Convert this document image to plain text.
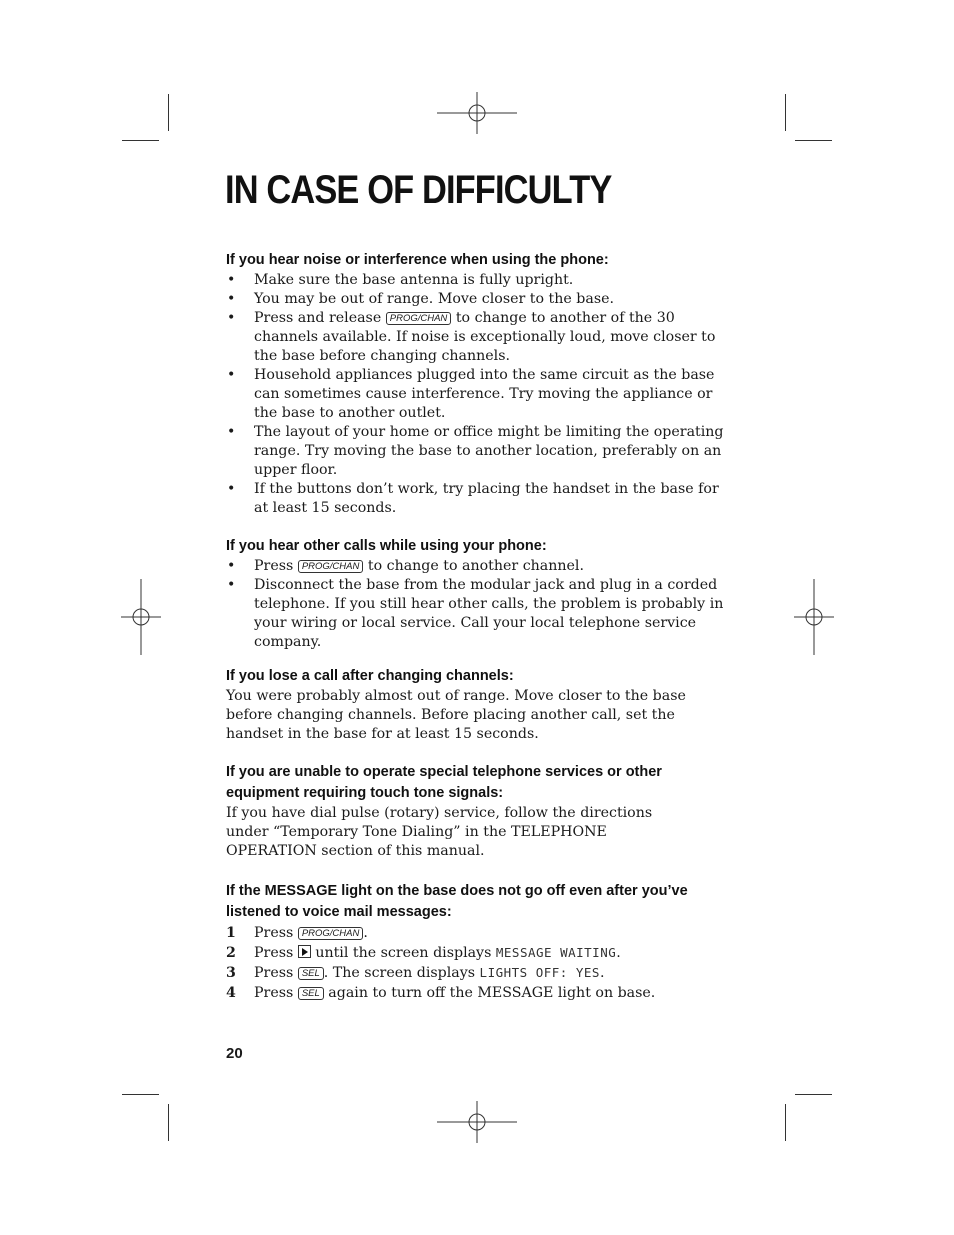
IN CASE OF DIFFICULTY
If you hear noise or interference when using the phone:
• Make sure the base antenna is fully upright.
• You may be out of range. Move closer to the base.
• Press and release PROG/CHAN to change to another of the 30 channels available. If noise is exceptionally loud, move closer to the base before changing channels.
• Household appliances plugged into the same circuit as the base can sometimes cause interference. Try moving the appliance or the base to another outlet.
• The layout of your home or office might be limiting the operating range. Try moving the base to another location, preferably on an upper floor.
• If the buttons don’t work, try placing the handset in the base for at least 15 seconds.
If you hear other calls while using your phone:
• Press PROG/CHAN to change to another channel.
• Disconnect the base from the modular jack and plug in a corded telephone. If you still hear other calls, the problem is probably in your wiring or local service. Call your local telephone service company.
If you lose a call after changing channels:

You were probably almost out of range. Move closer to the base before changing channels. Before placing another call, set the handset in the base for at least 15 seconds.

If you are unable to operate special telephone services or other equipment requiring touch tone signals:

If you have dial pulse (rotary) service, follow the directions under “Temporary Tone Dialing” in the TELEPHONE OPERATION section of this manual.

If the MESSAGE light on the base does not go off even after you’ve listened to voice mail messages:
1 Press PROG/CHAN .
2 Press until the screen displays MESSAGE WAITING.
3 Press SEL . The screen displays LIGHTS OFF: YES.
4 Press SEL again to turn off the MESSAGE light on base.
20
